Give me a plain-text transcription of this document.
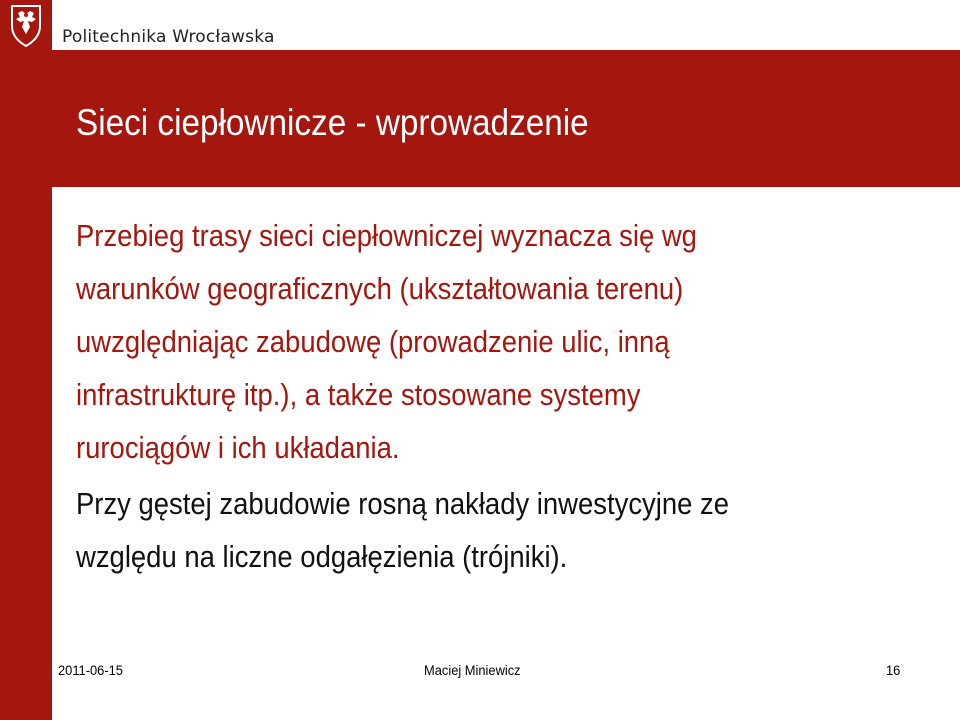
Politechnika Wrocławska
Sieci ciepłownicze - wprowadzenie

Przebieg trasy sieci ciepłowniczej wyznacza się wg
warunków geograficznych (ukształtowania terenu)
uwzględniając zabudowę (prowadzenie ulic, inną
infrastrukturę itp.), a także stosowane systemy
rurociągów i ich układania.

Przy gęstej zabudowie rosną nakłady inwestycyjne ze
względu na liczne odgałęzienia (trójniki).

2011-06-15	Maciej Miniewicz	16
